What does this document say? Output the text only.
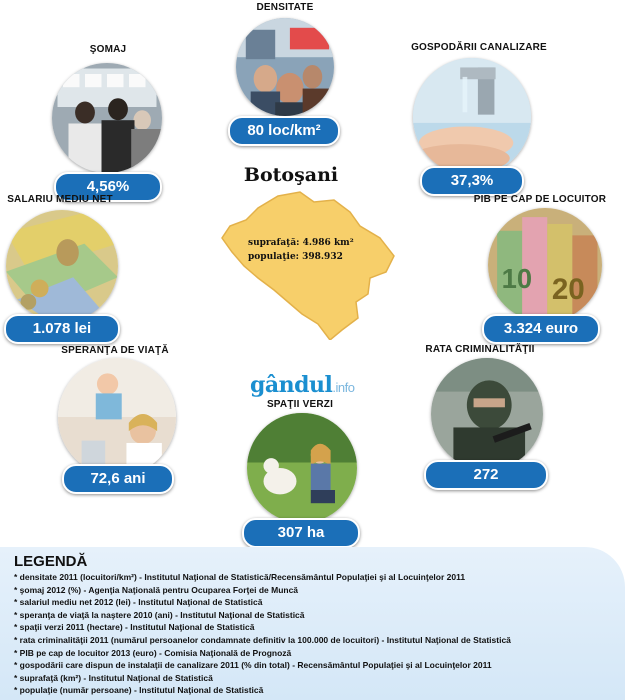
DENSITATE
80 loc/km²
ŞOMAJ
4,56%
GOSPODĂRII CANALIZARE
37,3%
SALARIU MEDIU NET
1.078 lei
PIB PE CAP DE LOCUITOR
10 20
3.324 euro
SPERANŢA DE VIAŢĂ
72,6 ani
RATA CRIMINALITĂŢII
272
SPAŢII VERZI
307 ha
Botoşani
suprafaţă: 4.986 km²
populaţie: 398.932
gândul.info
LEGENDĂ
* densitate 2011 (locuitori/km²) - Institutul Naţional de Statistică/Recensământul Populaţiei şi al Locuinţelor 2011
* şomaj 2012 (%) - Agenţia Naţională pentru Ocuparea Forţei de Muncă
* salariul mediu net 2012 (lei) - Institutul Naţional de Statistică
* speranţa de viaţă la naştere 2010 (ani) - Institutul Naţional de Statistică
* spaţii verzi 2011 (hectare) - Institutul Naţional de Statistică
* rata criminalităţii 2011 (numărul persoanelor condamnate definitiv la 100.000 de locuitori) - Institutul Naţional de Statistică
* PIB pe cap de locuitor 2013 (euro) - Comisia Naţională de Prognoză
* gospodării care dispun de instalaţii de canalizare 2011 (% din total) - Recensământul Populaţiei şi al Locuinţelor 2011
* suprafaţă (km²) - Institutul Naţional de Statistică
* populaţie (număr persoane) - Institutul Naţional de Statistică
